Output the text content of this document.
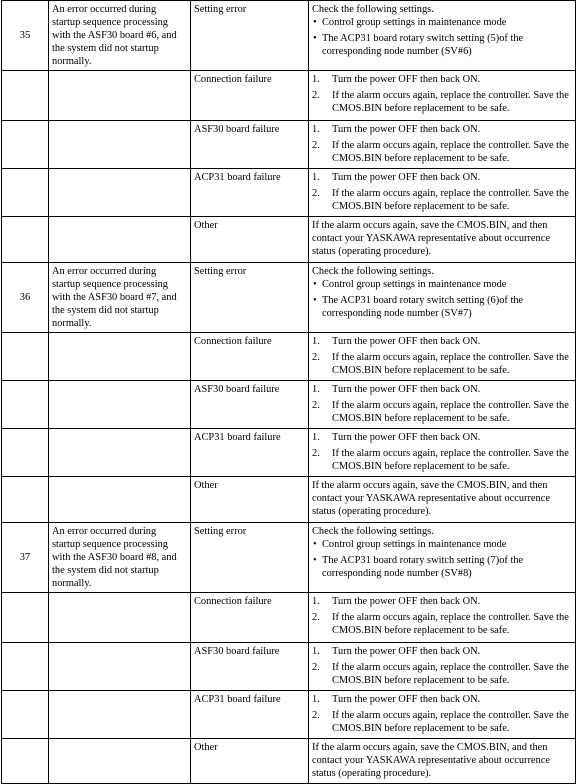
35	An error occurred during startup sequence processing with the ASF30 board #6, and the system did not startup normally.	Setting error	Check the following settings.
• Control group settings in maintenance mode
• The ACP31 board rotary switch setting (5)of the corresponding node number (SV#6)

		Connection failure	1. Turn the power OFF then back ON.
2. If the alarm occurs again, replace the controller. Save the CMOS.BIN before replacement to be safe.

		ASF30 board failure	1. Turn the power OFF then back ON.
2. If the alarm occurs again, replace the controller. Save the CMOS.BIN before replacement to be safe.

		ACP31 board failure	1. Turn the power OFF then back ON.
2. If the alarm occurs again, replace the controller. Save the CMOS.BIN before replacement to be safe.

		Other	If the alarm occurs again, save the CMOS.BIN, and then contact your YASKAWA representative about occurrence status (operating procedure).

36	An error occurred during startup sequence processing with the ASF30 board #7, and the system did not startup normally.	Setting error	Check the following settings.
• Control group settings in maintenance mode
• The ACP31 board rotary switch setting (6)of the corresponding node number (SV#7)

		Connection failure	1. Turn the power OFF then back ON.
2. If the alarm occurs again, replace the controller. Save the CMOS.BIN before replacement to be safe.

		ASF30 board failure	1. Turn the power OFF then back ON.
2. If the alarm occurs again, replace the controller. Save the CMOS.BIN before replacement to be safe.

		ACP31 board failure	1. Turn the power OFF then back ON.
2. If the alarm occurs again, replace the controller. Save the CMOS.BIN before replacement to be safe.

		Other	If the alarm occurs again, save the CMOS.BIN, and then contact your YASKAWA representative about occurrence status (operating procedure).

37	An error occurred during startup sequence processing with the ASF30 board #8, and the system did not startup normally.	Setting error	Check the following settings.
• Control group settings in maintenance mode
• The ACP31 board rotary switch setting (7)of the corresponding node number (SV#8)

		Connection failure	1. Turn the power OFF then back ON.
2. If the alarm occurs again, replace the controller. Save the CMOS.BIN before replacement to be safe.

		ASF30 board failure	1. Turn the power OFF then back ON.
2. If the alarm occurs again, replace the controller. Save the CMOS.BIN before replacement to be safe.

		ACP31 board failure	1. Turn the power OFF then back ON.
2. If the alarm occurs again, replace the controller. Save the CMOS.BIN before replacement to be safe.

		Other	If the alarm occurs again, save the CMOS.BIN, and then contact your YASKAWA representative about occurrence status (operating procedure).
